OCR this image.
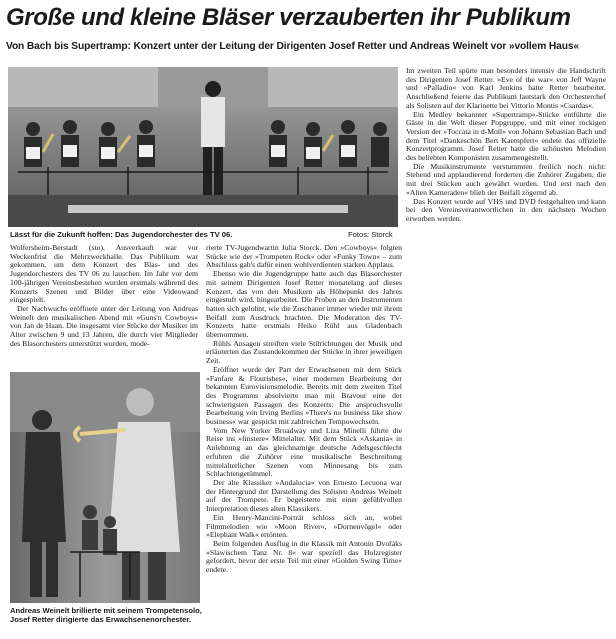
Große und kleine Bläser verzauberten ihr Publikum
Von Bach bis Supertramp: Konzert unter der Leitung der Dirigenten Josef Retter und Andreas Weinelt vor »vollem Haus«

Lässt für die Zukunft hoffen: Das Jugendorchester des TV 06.	Fotos: Storck

Wolfersheim-Berstadt (sto). Ausverkauft war vor Weckenfrist die Mehrzweckhalle. Das Publikum war gekommen, um dem Konzert des Blas- und des Jugendorchesters des TV 06 zu lauschen. Im Jahr vor dem 100-jährigen Vereinsbestehen wurden erstmals während des Konzerts Szenen und Bilder über eine Videowand eingespielt.

Der Nachwuchs eröffnete unter der Leitung von Andreas Weinelt den musikalischen Abend mit »Guns'n Cowboys« von Jan de Haan. Die insgesamt vier Stücke der Musiker im Alter zwischen 9 und 13 Jahren, die durch vier Mitglieder des Blasorchesters unterstützt wurden, mode-

Andreas Weinelt brillierte mit seinem Trompetensolo, Josef Retter dirigierte das Erwachsenenorchester.

rierte TV-Jugendwartin Julia Storck. Den »Cowboys« folgten Stücke wie der »Trompeten Rock« oder »Funky Town« – zum Abschluss gab's dafür einen wohlverdienten starken Applaus.

Ebenso wie die Jugendgruppe hatte auch das Blasorchester mit seinem Dirigenten Josef Retter monatelang auf dieses Konzert, das von den Musikern als Höhepunkt des Jahres eingestuft wird, hingearbeitet. Die Proben an den Instrumenten hatten sich gelohnt, wie die Zuschauer immer wieder mit ihrem Beifall zum Ausdruck brachten. Die Moderation des TV-Konzerts hatte erstmals Heiko Rühl aus Gladenbach übernommen.

Rühls Ansagen streiften viele Stilrichtungen der Musik und erläuterten das Zustandekommen der Stücke in ihrer jeweiligen Zeit.

Eröffnet wurde der Part der Erwachsenen mit dem Stück »Fanfare & Flourishes«, einer modernen Bearbeitung der bekannten Eurovisionsmelodie. Bereits mit dem zweiten Titel des Programms absolvierte man mit Bravour eine der schwierigsten Passagen des Konzerts: Die anspruchsvolle Bearbeitung von Irving Berlins »There's no business like show business« war gespickt mit zahlreichen Tempowechseln.

Vom New Yorker Broadway und Liza Minelli führte die Reise ins »finstere« Mittelalter. Mit dem Stück »Askania« in Anlehnung an das gleichnamige deutsche Adelsgeschlecht erfuhren die Zuhörer eine musikalische Beschreibung mittelalterlicher Szenen vom Minnesang bis zum Schlachtengetümmel.

Der alte Klassiker »Andalucia« von Ernesto Lecuona war der Hintergrund der Darstellung des Solisten Andreas Weinelt auf der Trompete. Er begeisterte mit einer gefühlvollen Interpretation dieses alten Klassikers.

Ein Henry-Mancini-Porträt schloss sich an, wobei Filmmelodien wie »Moon River«, »Dornenvögel« oder »Elephant Walk« ertönten.

Beim folgenden Ausflug in die Klassik mit Antonín Dvořáks »Slawischem Tanz Nr. 8« war speziell das Holzregister gefordert, bevor der erste Teil mit einer »Golden Swing Time« endete.

Im zweiten Teil spürte man besonders intensiv die Handschrift des Dirigenten Josef Retter. »Eve of the war« von Jeff Wayne und »Palladio« von Karl Jenkins hatte Retter bearbeitet. Anschließend feierte das Publikum lautstark den Orchesterchef als Solisten auf der Klarinette bei Vittorio Montis »Csardas«.

Ein Medley bekannter »Supertramp«-Stücke entführte die Gäste in die Welt dieser Popgruppe, und mit einer rockigen Version der »Toccata in d-Moll« von Johann Sebastian Bach und dem Titel »Dankeschön Bert Kaempfert« endete das offizielle Konzertprogramm. Josef Retter hatte die schönsten Melodien des beliebten Komponisten zusammengestellt.

Die Musikinstrumente verstummten freilich noch nicht: Stehend und applaudierend forderten die Zuhörer Zugaben, die mit drei Stücken auch gewährt wurden. Und erst nach den »Alten Kameraden« blieb der Beifall zögernd ab.

Das Konzert wurde auf VHS und DVD festgehalten und kann bei den Vereinsverantwortlichen in den nächsten Wochen erworben werden.
